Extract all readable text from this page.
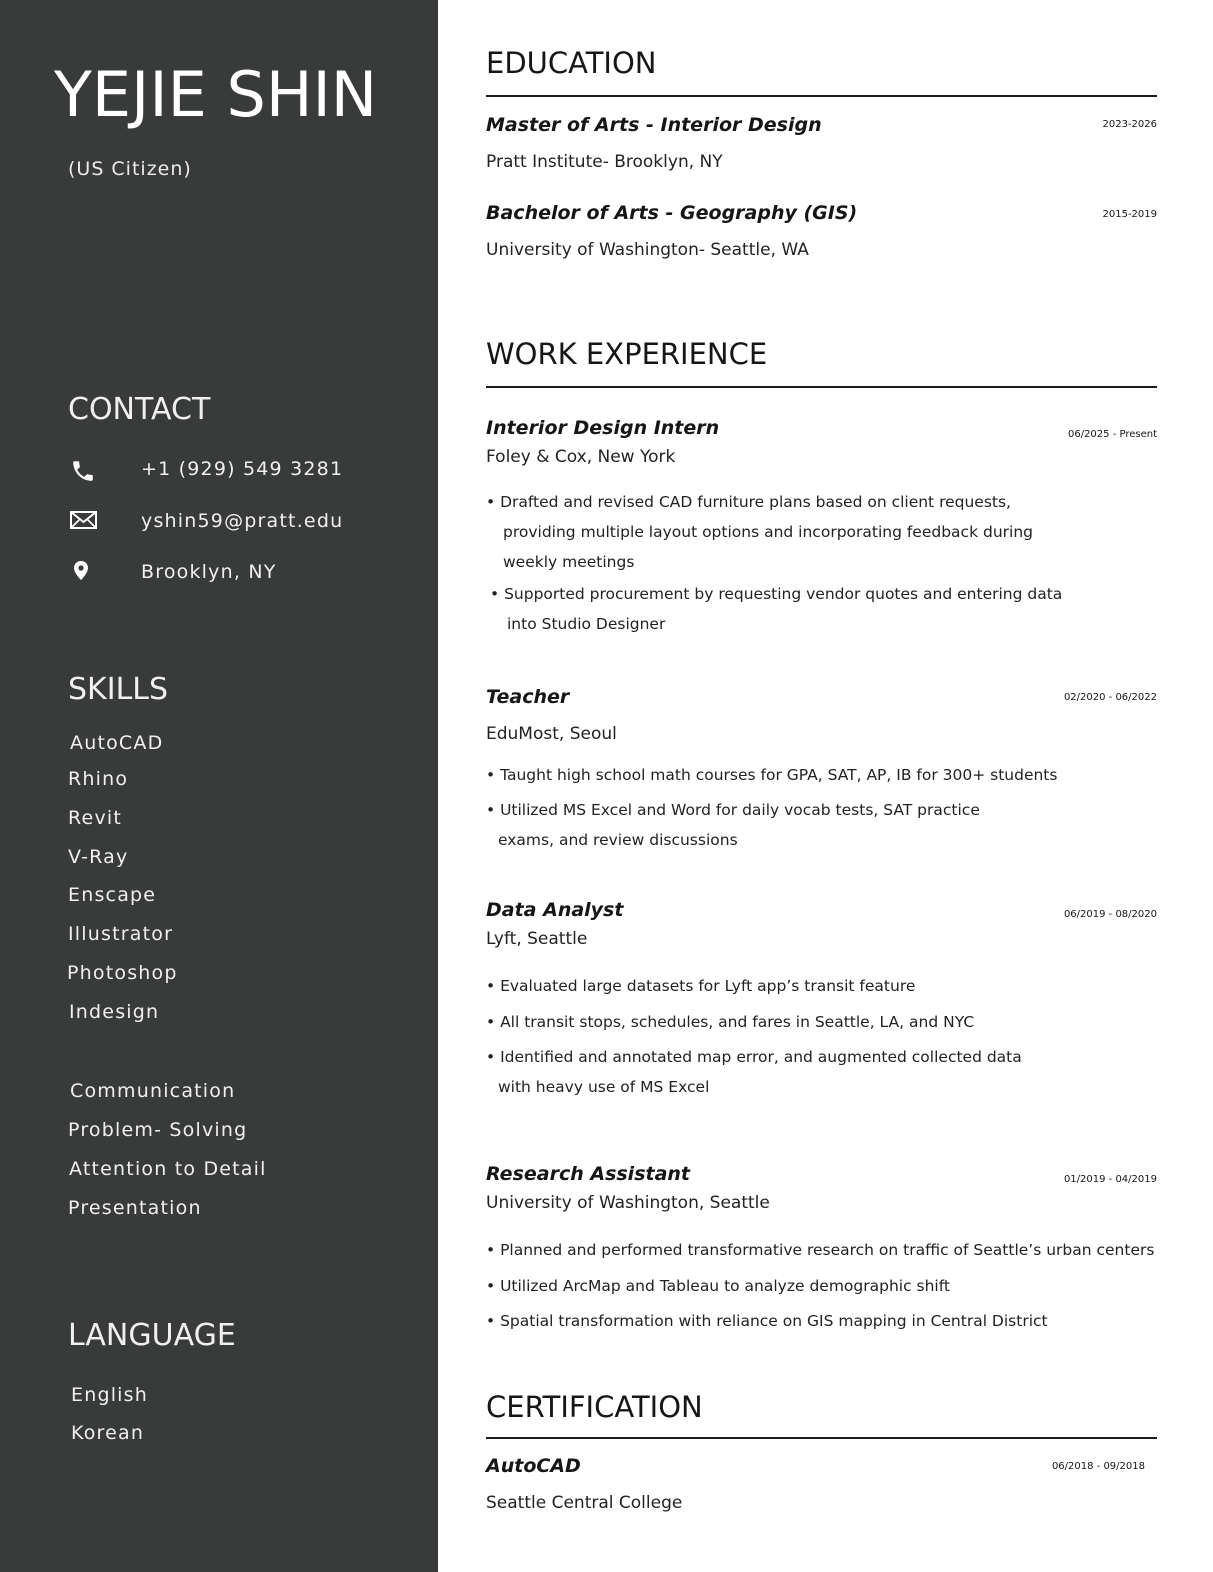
YEJIE SHIN
(US Citizen)
CONTACT
+1 (929) 549 3281
yshin59@pratt.edu
Brooklyn, NY
SKILLS
AutoCAD
Rhino
Revit
V-Ray
Enscape
Illustrator
Photoshop
Indesign
Communication
Problem- Solving
Attention to Detail
Presentation
LANGUAGE
English
Korean
EDUCATION
Master of Arts - Interior Design	2023-2026
Pratt Institute- Brooklyn, NY
Bachelor of Arts - Geography (GIS)	2015-2019
University of Washington- Seattle, WA
WORK EXPERIENCE
Interior Design Intern	06/2025 - Present
Foley & Cox, New York
• Drafted and revised CAD furniture plans based on client requests,
providing multiple layout options and incorporating feedback during
weekly meetings
• Supported procurement by requesting vendor quotes and entering data
into Studio Designer
Teacher	02/2020 - 06/2022
EduMost, Seoul
• Taught high school math courses for GPA, SAT, AP, IB for 300+ students
• Utilized MS Excel and Word for daily vocab tests, SAT practice
exams, and review discussions
Data Analyst	06/2019 - 08/2020
Lyft, Seattle
• Evaluated large datasets for Lyft app’s transit feature
• All transit stops, schedules, and fares in Seattle, LA, and NYC
• Identified and annotated map error, and augmented collected data
with heavy use of MS Excel
Research Assistant	01/2019 - 04/2019
University of Washington, Seattle
• Planned and performed transformative research on traffic of Seattle’s urban centers
• Utilized ArcMap and Tableau to analyze demographic shift
• Spatial transformation with reliance on GIS mapping in Central District
CERTIFICATION
AutoCAD	06/2018 - 09/2018
Seattle Central College
